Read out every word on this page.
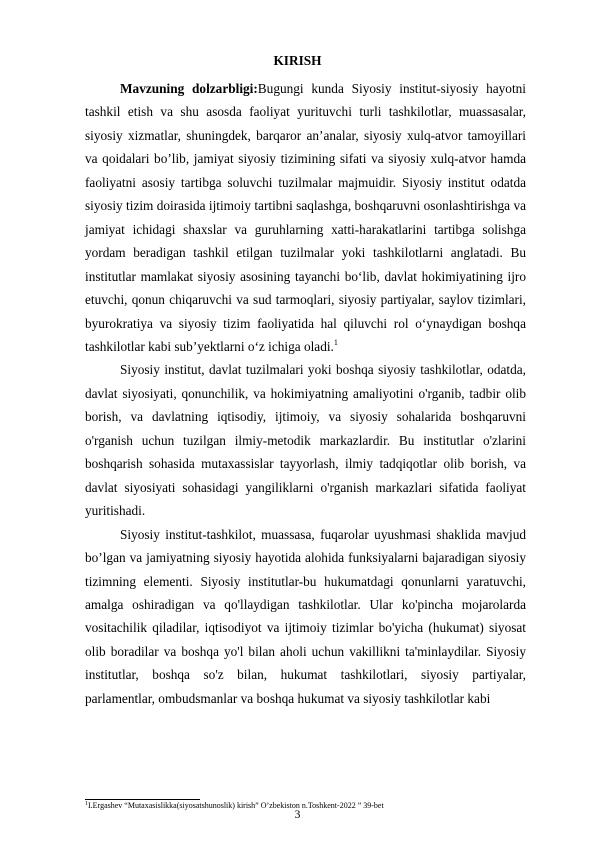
KIRISH

Mavzuning dolzarbligi:Bugungi kunda Siyosiy institut-siyosiy hayotni tashkil etish va shu asosda faoliyat yurituvchi turli tashkilotlar, muassasalar, siyosiy xizmatlar, shuningdek, barqaror an’analar, siyosiy xulq-atvor tamoyillari va qoidalari bo’lib, jamiyat siyosiy tizimining sifati va siyosiy xulq-atvor hamda faoliyatni asosiy tartibga soluvchi tuzilmalar majmuidir. Siyosiy institut odatda siyosiy tizim doirasida ijtimoiy tartibni saqlashga, boshqaruvni osonlashtirishga va jamiyat ichidagi shaxslar va guruhlarning xatti-harakatlarini tartibga solishga yordam beradigan tashkil etilgan tuzilmalar yoki tashkilotlarni anglatadi. Bu institutlar mamlakat siyosiy asosining tayanchi bo‘lib, davlat hokimiyatining ijro etuvchi, qonun chiqaruvchi va sud tarmoqlari, siyosiy partiyalar, saylov tizimlari, byurokratiya va siyosiy tizim faoliyatida hal qiluvchi rol o‘ynaydigan boshqa tashkilotlar kabi sub’yektlarni o‘z ichiga oladi.$^1$

Siyosiy institut, davlat tuzilmalari yoki boshqa siyosiy tashkilotlar, odatda, davlat siyosiyati, qonunchilik, va hokimiyatning amaliyotini o'rganib, tadbir olib borish, va davlatning iqtisodiy, ijtimoiy, va siyosiy sohalarida boshqaruvni o'rganish uchun tuzilgan ilmiy-metodik markazlardir. Bu institutlar o'zlarini boshqarish sohasida mutaxassislar tayyorlash, ilmiy tadqiqotlar olib borish, va davlat siyosiyati sohasidagi yangiliklarni o'rganish markazlari sifatida faoliyat yuritishadi.

Siyosiy institut-tashkilot, muassasa, fuqarolar uyushmasi shaklida mavjud bo’lgan va jamiyatning siyosiy hayotida alohida funksiyalarni bajaradigan siyosiy tizimning elementi. Siyosiy institutlar-bu hukumatdagi qonunlarni yaratuvchi, amalga oshiradigan va qo'llaydigan tashkilotlar. Ular ko'pincha mojarolarda vositachilik qiladilar, iqtisodiyot va ijtimoiy tizimlar bo'yicha (hukumat) siyosat olib boradilar va boshqa yo'l bilan aholi uchun vakillikni ta'minlaydilar. Siyosiy institutlar, boshqa so'z bilan, hukumat tashkilotlari, siyosiy partiyalar, parlamentlar, ombudsmanlar va boshqa hukumat va siyosiy tashkilotlar kabi

$^1$I.Ergashev “Mutaxasislikka(siyosatshunoslik) kirish” O’zbekiston n.Toshkent-2022 ” 39-bet
3
